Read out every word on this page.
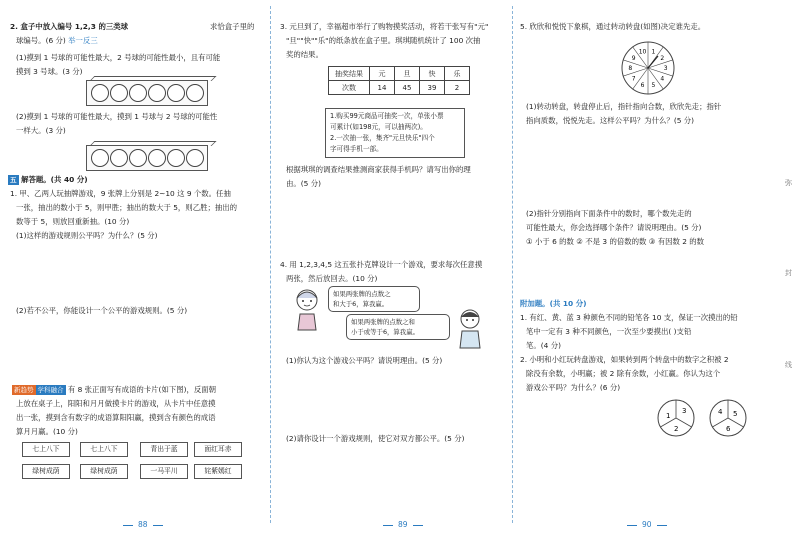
2. 盒子中放入编号 1,2,3 的三类球	求恰盒子里的
球编号。(6 分) 举一反三
(1)摸到 1 号球的可能性最大，2 号球的可能性最小，且有可能
摸到 3 号球。(3 分)
(2)摸到 1 号球的可能性最大，摸到 1 号球与 2 号球的可能性
一样大。(3 分)
五 解答题。(共 40 分)
1. 甲、乙两人玩抽牌游戏，9 张牌上分别是 2~10 这 9 个数。任抽
一张，抽出的数小于 5，则甲胜；抽出的数大于 5，则乙胜；抽出的
数等于 5，则放回重新抽。(10 分)
(1)这样的游戏规则公平吗？为什么？(5 分)
(2)若不公平，你能设计一个公平的游戏规则。(5 分)
新趋势 学科融合 有 8 张正面写有成语的卡片(如下图)，反面朝
上放在桌子上，阳阳和月月做摸卡片的游戏，从卡片中任意摸
出一张，摸到含有数字的成语算阳阳赢，摸到含有颜色的成语
算月月赢。(10 分)
七上八下	青出于蓝
绿树成荫	一马平川
面红耳赤
姹紫嫣红
88
七上八下
绿树成荫
3. 元旦到了，幸福超市举行了购物摸奖活动，将若干张写有"元"
"旦""快""乐"的纸条放在盒子里。琪琪随机统计了 100 次抽
奖的结果。
抽奖结果	元	旦	快	乐
次数	14	45	39	2
1.购买99元商品可抽奖一次，单张小票
可累计(如198元，可以抽两次)。
2.一次抽一张，集齐"元旦快乐"四个
字可得手机一部。
根据琪琪的调查结果推测商家获得手机吗？请写出你的理
由。(5 分)
4. 用 1,2,3,4,5 这五张扑克牌设计一个游戏，要求每次任意摸
两张，然后放回去。(10 分)
如果两张牌的点数之
和大于6，算我赢。
如果两张牌的点数之和
小于或等于6，算我赢。
(1)你认为这个游戏公平吗？请说明理由。(5 分)
(2)请你设计一个游戏规则，使它对双方都公平。(5 分)
89
5. 欣欣和悦悦下象棋，通过转动转盘(如图)决定谁先走。
1
2
3
4
5
6
7
8
9
10
(1)转动转盘，转盘停止后，指针指向合数，欣欣先走；指针
指向质数，悦悦先走。这样公平吗？为什么？(5 分)
(2)指针分别指向下面条件中的数时，哪个数先走的
可能性最大，你会选择哪个条件？请说明理由。(5 分)
① 小于 6 的数 ② 不是 3 的倍数的数 ③ 有因数 2 的数
附加题。(共 10 分)
1. 有红、黄、蓝 3 种颜色不同的铅笔各 10 支，保证一次摸出的铅
笔中一定有 3 种不同颜色，一次至少要摸出( )支铅
笔。(4 分)
2. 小明和小红玩转盘游戏，如果转到两个转盘中的数字之积被 2
除没有余数，小明赢；被 2 除有余数，小红赢。你认为这个
游戏公平吗？为什么？(6 分)
3
1
2
4 5
6
90
弥
封
线
